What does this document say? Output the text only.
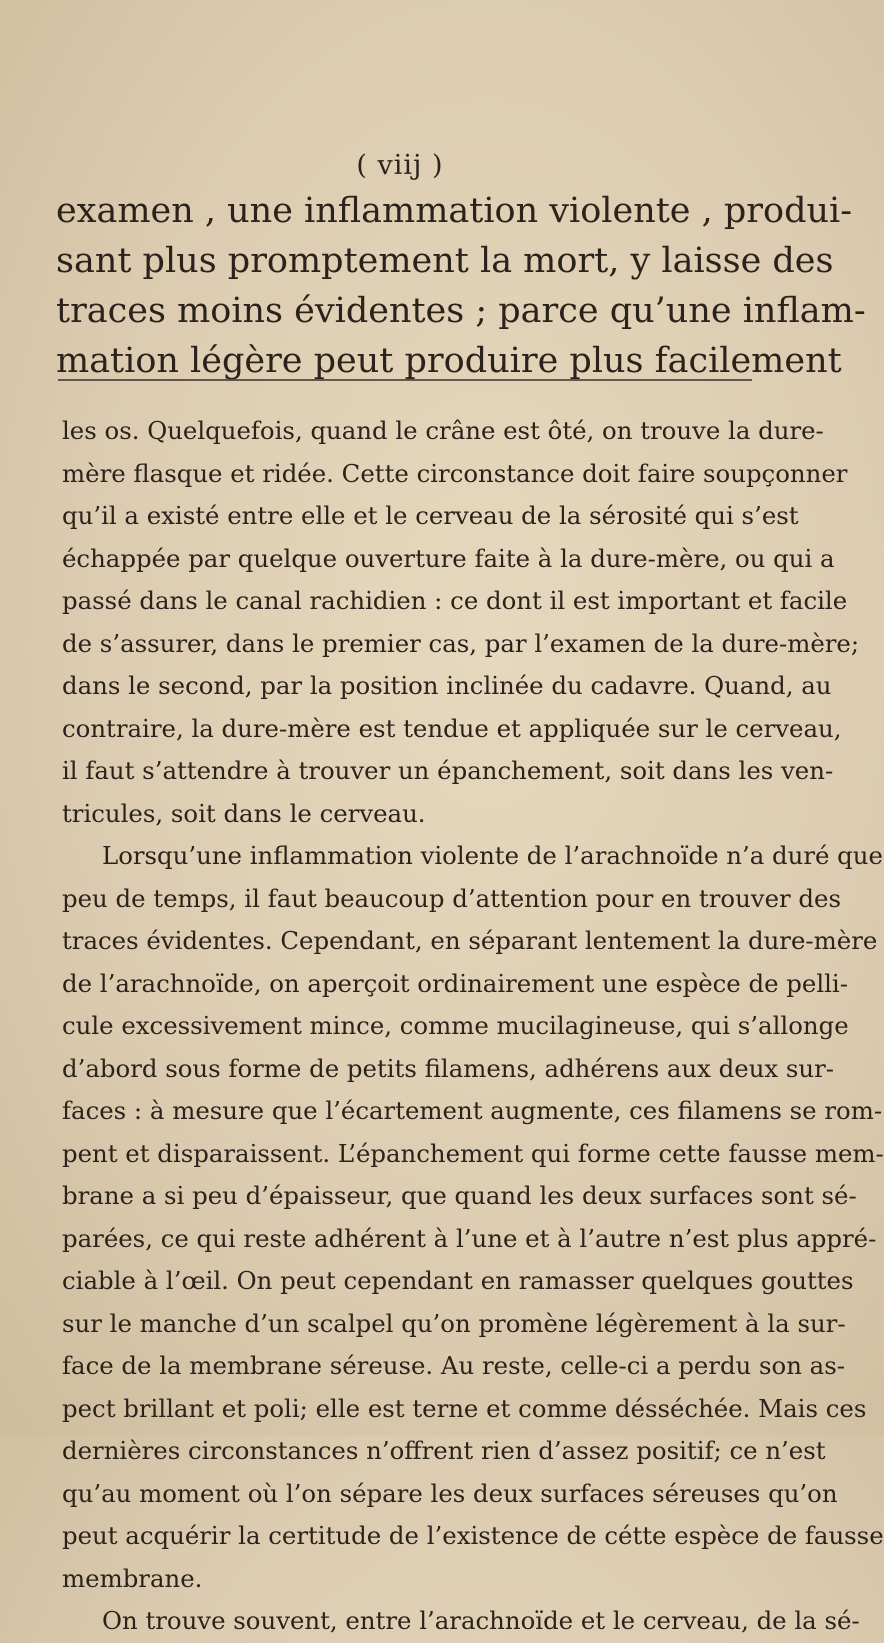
( viij )
examen , une inflammation violente , produi-
sant plus promptement la mort, y laisse des
traces moins évidentes ; parce qu’une inflam-
mation légère peut produire plus facilement
les os. Quelquefois, quand le crâne est ôté, on trouve la dure-
mère flasque et ridée. Cette circonstance doit faire soupçonner
qu’il a existé entre elle et le cerveau de la sérosité qui s’est
échappée par quelque ouverture faite à la dure-mère, ou qui a
passé dans le canal rachidien : ce dont il est important et facile
de s’assurer, dans le premier cas, par l’examen de la dure-mère;
dans le second, par la position inclinée du cadavre. Quand, au
contraire, la dure-mère est tendue et appliquée sur le cerveau,
il faut s’attendre à trouver un épanchement, soit dans les ven-
tricules, soit dans le cerveau.
Lorsqu’une inflammation violente de l’arachnoïde n’a duré que
peu de temps, il faut beaucoup d’attention pour en trouver des
traces évidentes. Cependant, en séparant lentement la dure-mère
de l’arachnoïde, on aperçoit ordinairement une espèce de pelli-
cule excessivement mince, comme mucilagineuse, qui s’allonge
d’abord sous forme de petits filamens, adhérens aux deux sur-
faces : à mesure que l’écartement augmente, ces filamens se rom-
pent et disparaissent. L’épanchement qui forme cette fausse mem-
brane a si peu d’épaisseur, que quand les deux surfaces sont sé-
parées, ce qui reste adhérent à l’une et à l’autre n’est plus appré-
ciable à l’œil. On peut cependant en ramasser quelques gouttes
sur le manche d’un scalpel qu’on promène légèrement à la sur-
face de la membrane séreuse. Au reste, celle-ci a perdu son as-
pect brillant et poli; elle est terne et comme désséchée. Mais ces
dernières circonstances n’offrent rien d’assez positif; ce n’est
qu’au moment où l’on sépare les deux surfaces séreuses qu’on
peut acquérir la certitude de l’existence de cétte espèce de fausse
membrane.
On trouve souvent, entre l’arachnoïde et le cerveau, de la sé-
